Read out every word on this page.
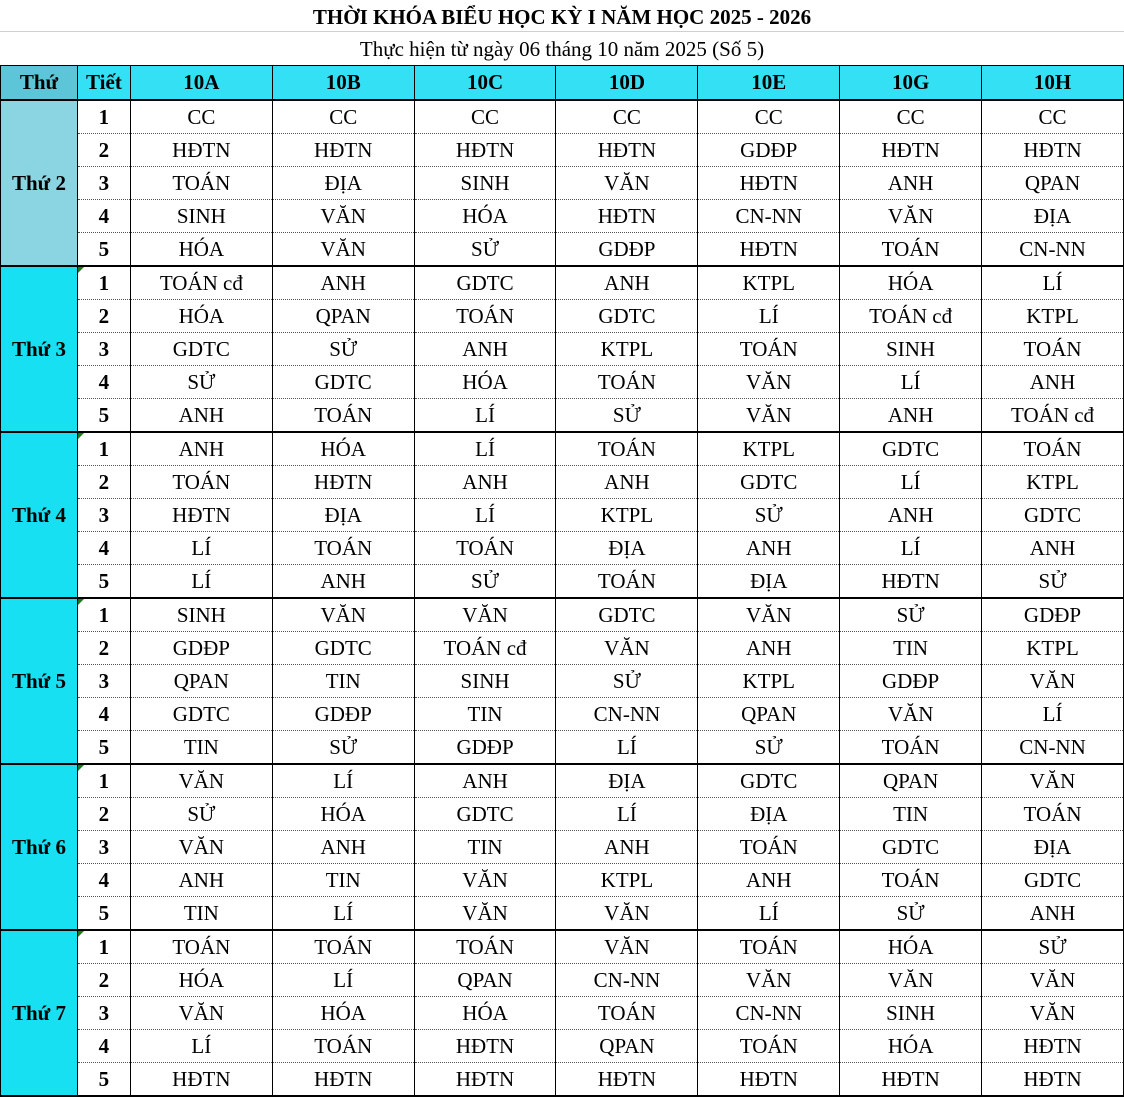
THỜI KHÓA BIỂU HỌC KỲ I NĂM HỌC 2025 - 2026
Thực hiện từ ngày 06 tháng 10 năm 2025 (Số 5)
Thứ	Tiết	10A	10B	10C	10D	10E	10G	10H
Thứ 2	1	CC	CC	CC	CC	CC	CC	CC
	2	HĐTN	HĐTN	HĐTN	HĐTN	GDĐP	HĐTN	HĐTN
	3	TOÁN	ĐỊA	SINH	VĂN	HĐTN	ANH	QPAN
	4	SINH	VĂN	HÓA	HĐTN	CN-NN	VĂN	ĐỊA
	5	HÓA	VĂN	SỬ	GDĐP	HĐTN	TOÁN	CN-NN
Thứ 3	1	TOÁN cđ	ANH	GDTC	ANH	KTPL	HÓA	LÍ
	2	HÓA	QPAN	TOÁN	GDTC	LÍ	TOÁN cđ	KTPL
	3	GDTC	SỬ	ANH	KTPL	TOÁN	SINH	TOÁN
	4	SỬ	GDTC	HÓA	TOÁN	VĂN	LÍ	ANH
	5	ANH	TOÁN	LÍ	SỬ	VĂN	ANH	TOÁN cđ
Thứ 4	1	ANH	HÓA	LÍ	TOÁN	KTPL	GDTC	TOÁN
	2	TOÁN	HĐTN	ANH	ANH	GDTC	LÍ	KTPL
	3	HĐTN	ĐỊA	LÍ	KTPL	SỬ	ANH	GDTC
	4	LÍ	TOÁN	TOÁN	ĐỊA	ANH	LÍ	ANH
	5	LÍ	ANH	SỬ	TOÁN	ĐỊA	HĐTN	SỬ
Thứ 5	1	SINH	VĂN	VĂN	GDTC	VĂN	SỬ	GDĐP
	2	GDĐP	GDTC	TOÁN cđ	VĂN	ANH	TIN	KTPL
	3	QPAN	TIN	SINH	SỬ	KTPL	GDĐP	VĂN
	4	GDTC	GDĐP	TIN	CN-NN	QPAN	VĂN	LÍ
	5	TIN	SỬ	GDĐP	LÍ	SỬ	TOÁN	CN-NN
Thứ 6	1	VĂN	LÍ	ANH	ĐỊA	GDTC	QPAN	VĂN
	2	SỬ	HÓA	GDTC	LÍ	ĐỊA	TIN	TOÁN
	3	VĂN	ANH	TIN	ANH	TOÁN	GDTC	ĐỊA
	4	ANH	TIN	VĂN	KTPL	ANH	TOÁN	GDTC
	5	TIN	LÍ	VĂN	VĂN	LÍ	SỬ	ANH
Thứ 7	1	TOÁN	TOÁN	TOÁN	VĂN	TOÁN	HÓA	SỬ
	2	HÓA	LÍ	QPAN	CN-NN	VĂN	VĂN	VĂN
	3	VĂN	HÓA	HÓA	TOÁN	CN-NN	SINH	VĂN
	4	LÍ	TOÁN	HĐTN	QPAN	TOÁN	HÓA	HĐTN
	5	HĐTN	HĐTN	HĐTN	HĐTN	HĐTN	HĐTN	HĐTN
